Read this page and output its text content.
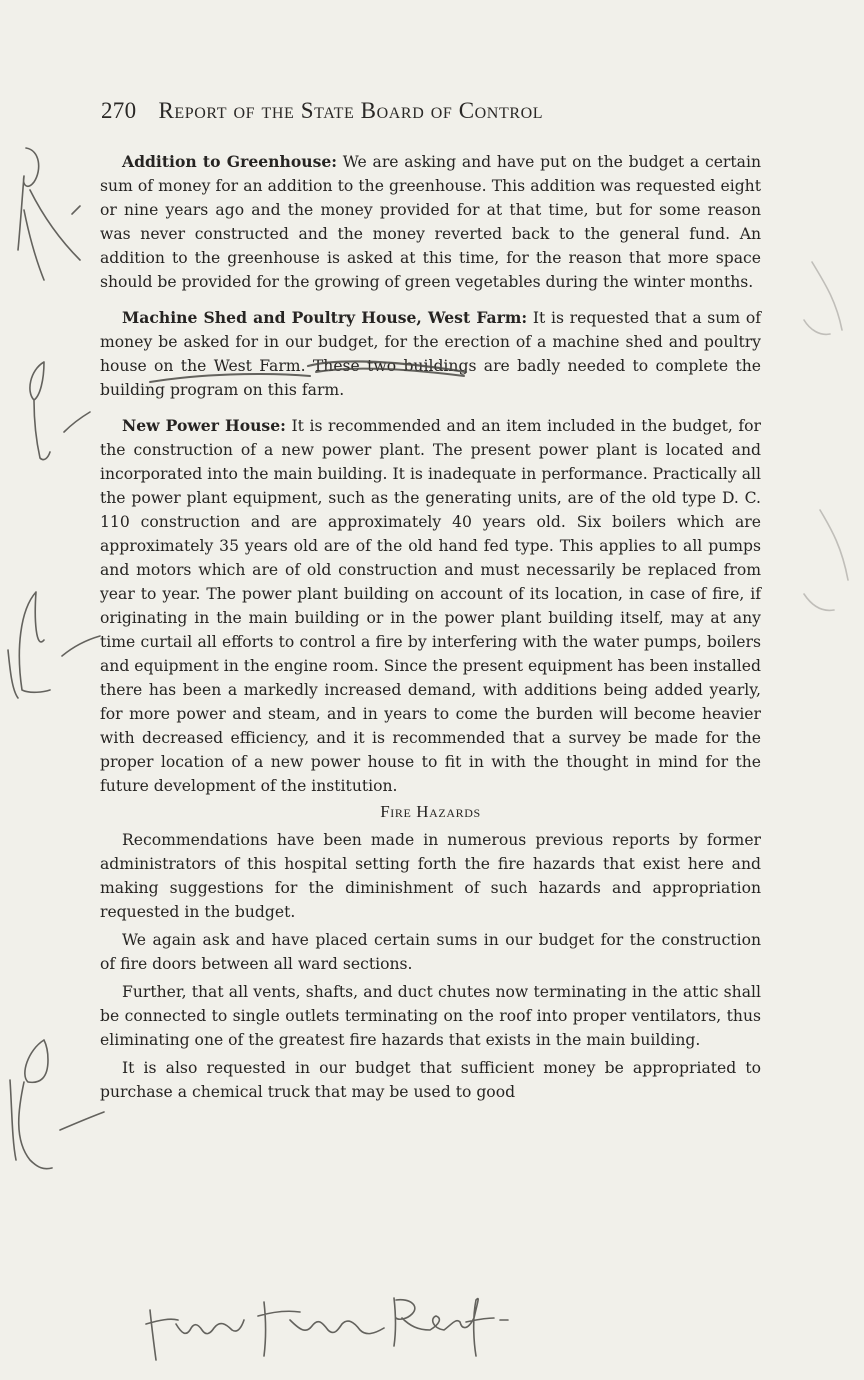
270 Report of the State Board of Control

Addition to Greenhouse: We are asking and have put on the budget a certain sum of money for an addition to the greenhouse. This addition was requested eight or nine years ago and the money provided for at that time, but for some reason was never constructed and the money reverted back to the general fund. An addition to the greenhouse is asked at this time, for the reason that more space should be provided for the growing of green vegetables during the winter months.

Machine Shed and Poultry House, West Farm: It is requested that a sum of money be asked for in our budget, for the erection of a machine shed and poultry house on the West Farm. These two buildings are badly needed to complete the building program on this farm.

New Power House: It is recommended and an item included in the budget, for the construction of a new power plant. The present power plant is located and incorporated into the main building. It is inadequate in performance. Practically all the power plant equipment, such as the generating units, are of the old type D. C. 110 construction and are approximately 40 years old. Six boilers which are approximately 35 years old are of the old hand fed type. This applies to all pumps and motors which are of old construction and must necessarily be replaced from year to year. The power plant building on account of its location, in case of fire, if originating in the main building or in the power plant building itself, may at any time curtail all efforts to control a fire by interfering with the water pumps, boilers and equipment in the engine room. Since the present equipment has been installed there has been a markedly increased demand, with additions being added yearly, for more power and steam, and in years to come the burden will become heavier with decreased efficiency, and it is recommended that a survey be made for the proper location of a new power house to fit in with the thought in mind for the future development of the institution.

Fire Hazards

Recommendations have been made in numerous previous reports by former administrators of this hospital setting forth the fire hazards that exist here and making suggestions for the diminishment of such hazards and appropriation requested in the budget.

We again ask and have placed certain sums in our budget for the construction of fire doors between all ward sections.

Further, that all vents, shafts, and duct chutes now terminating in the attic shall be connected to single outlets terminating on the roof into proper ventilators, thus eliminating one of the greatest fire hazards that exists in the main building.

It is also requested in our budget that sufficient money be appropriated to purchase a chemical truck that may be used to good

fire proof Roof -
